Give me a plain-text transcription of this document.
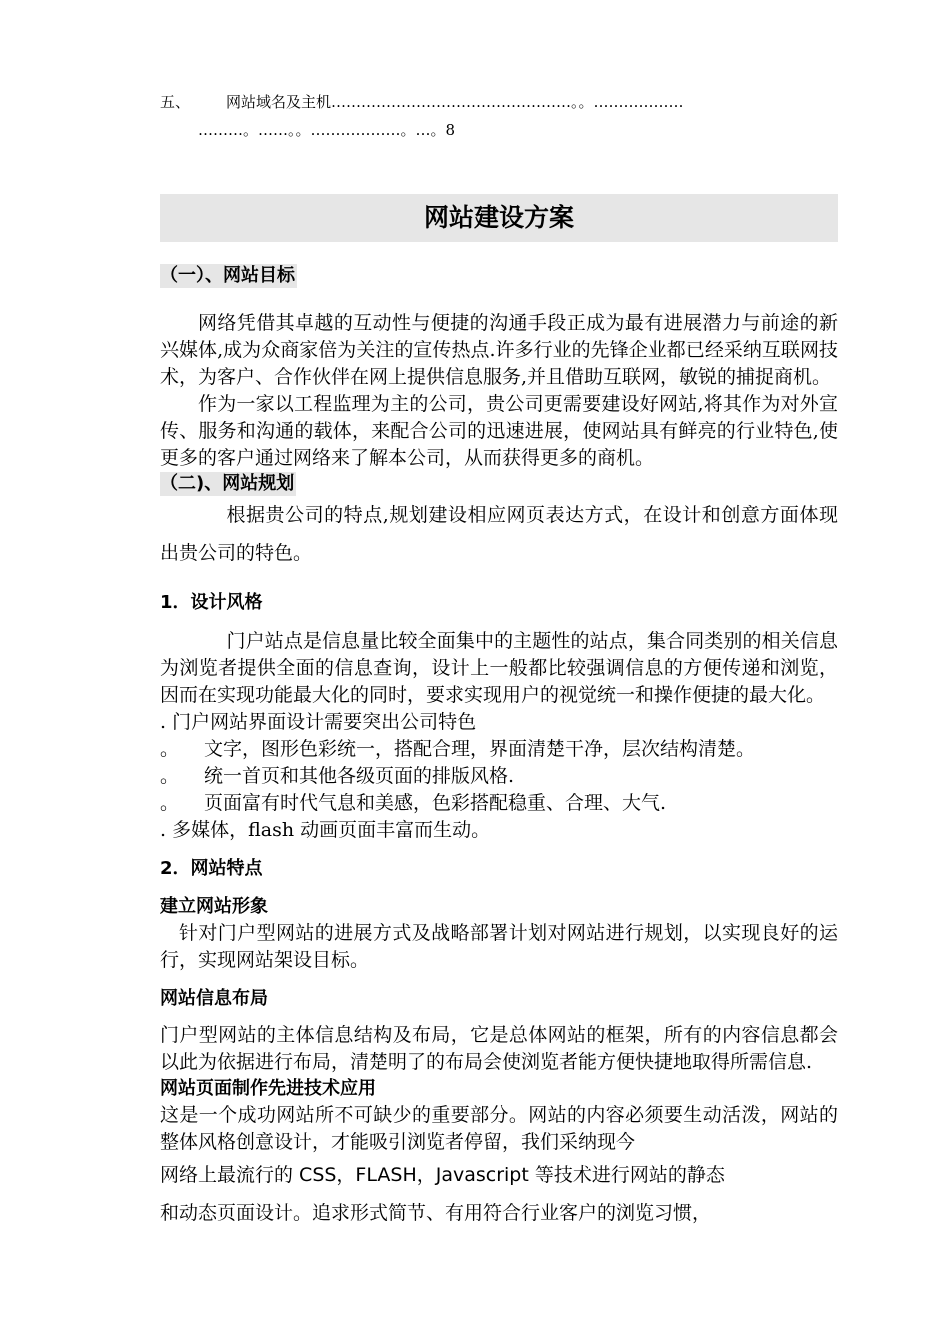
五、 网站域名及主机…………………………………………。。………………

………。……。。………………。…。8

网站建设方案
（一）、网站目标

网络凭借其卓越的互动性与便捷的沟通手段正成为最有进展潜力与前途的新兴媒体,成为众商家倍为关注的宣传热点.许多行业的先锋企业都已经采纳互联网技术，为客户、合作伙伴在网上提供信息服务,并且借助互联网，敏锐的捕捉商机。

作为一家以工程监理为主的公司，贵公司更需要建设好网站,将其作为对外宣传、服务和沟通的载体，来配合公司的迅速进展，使网站具有鲜亮的行业特色,使更多的客户通过网络来了解本公司，从而获得更多的商机。

（二)、网站规划

根据贵公司的特点,规划建设相应网页表达方式，在设计和创意方面体现出贵公司的特色。

1．设计风格

门户站点是信息量比较全面集中的主题性的站点，集合同类别的相关信息为浏览者提供全面的信息查询，设计上一般都比较强调信息的方便传递和浏览，因而在实现功能最大化的同时，要求实现用户的视觉统一和操作便捷的最大化。

. 门户网站界面设计需要突出公司特色

。 文字，图形色彩统一，搭配合理，界面清楚干净，层次结构清楚。

。 统一首页和其他各级页面的排版风格.

。 页面富有时代气息和美感，色彩搭配稳重、合理、大气.

. 多媒体，flash 动画页面丰富而生动。

2．网站特点

建立网站形象

针对门户型网站的进展方式及战略部署计划对网站进行规划，以实现良好的运行，实现网站架设目标。

网站信息布局

门户型网站的主体信息结构及布局，它是总体网站的框架，所有的内容信息都会以此为依据进行布局，清楚明了的布局会使浏览者能方便快捷地取得所需信息.

网站页面制作先进技术应用

这是一个成功网站所不可缺少的重要部分。网站的内容必须要生动活泼，网站的整体风格创意设计，才能吸引浏览者停留，我们采纳现今

网络上最流行的 CSS，FLASH，Javascript 等技术进行网站的静态

和动态页面设计。追求形式简节、有用符合行业客户的浏览习惯，
